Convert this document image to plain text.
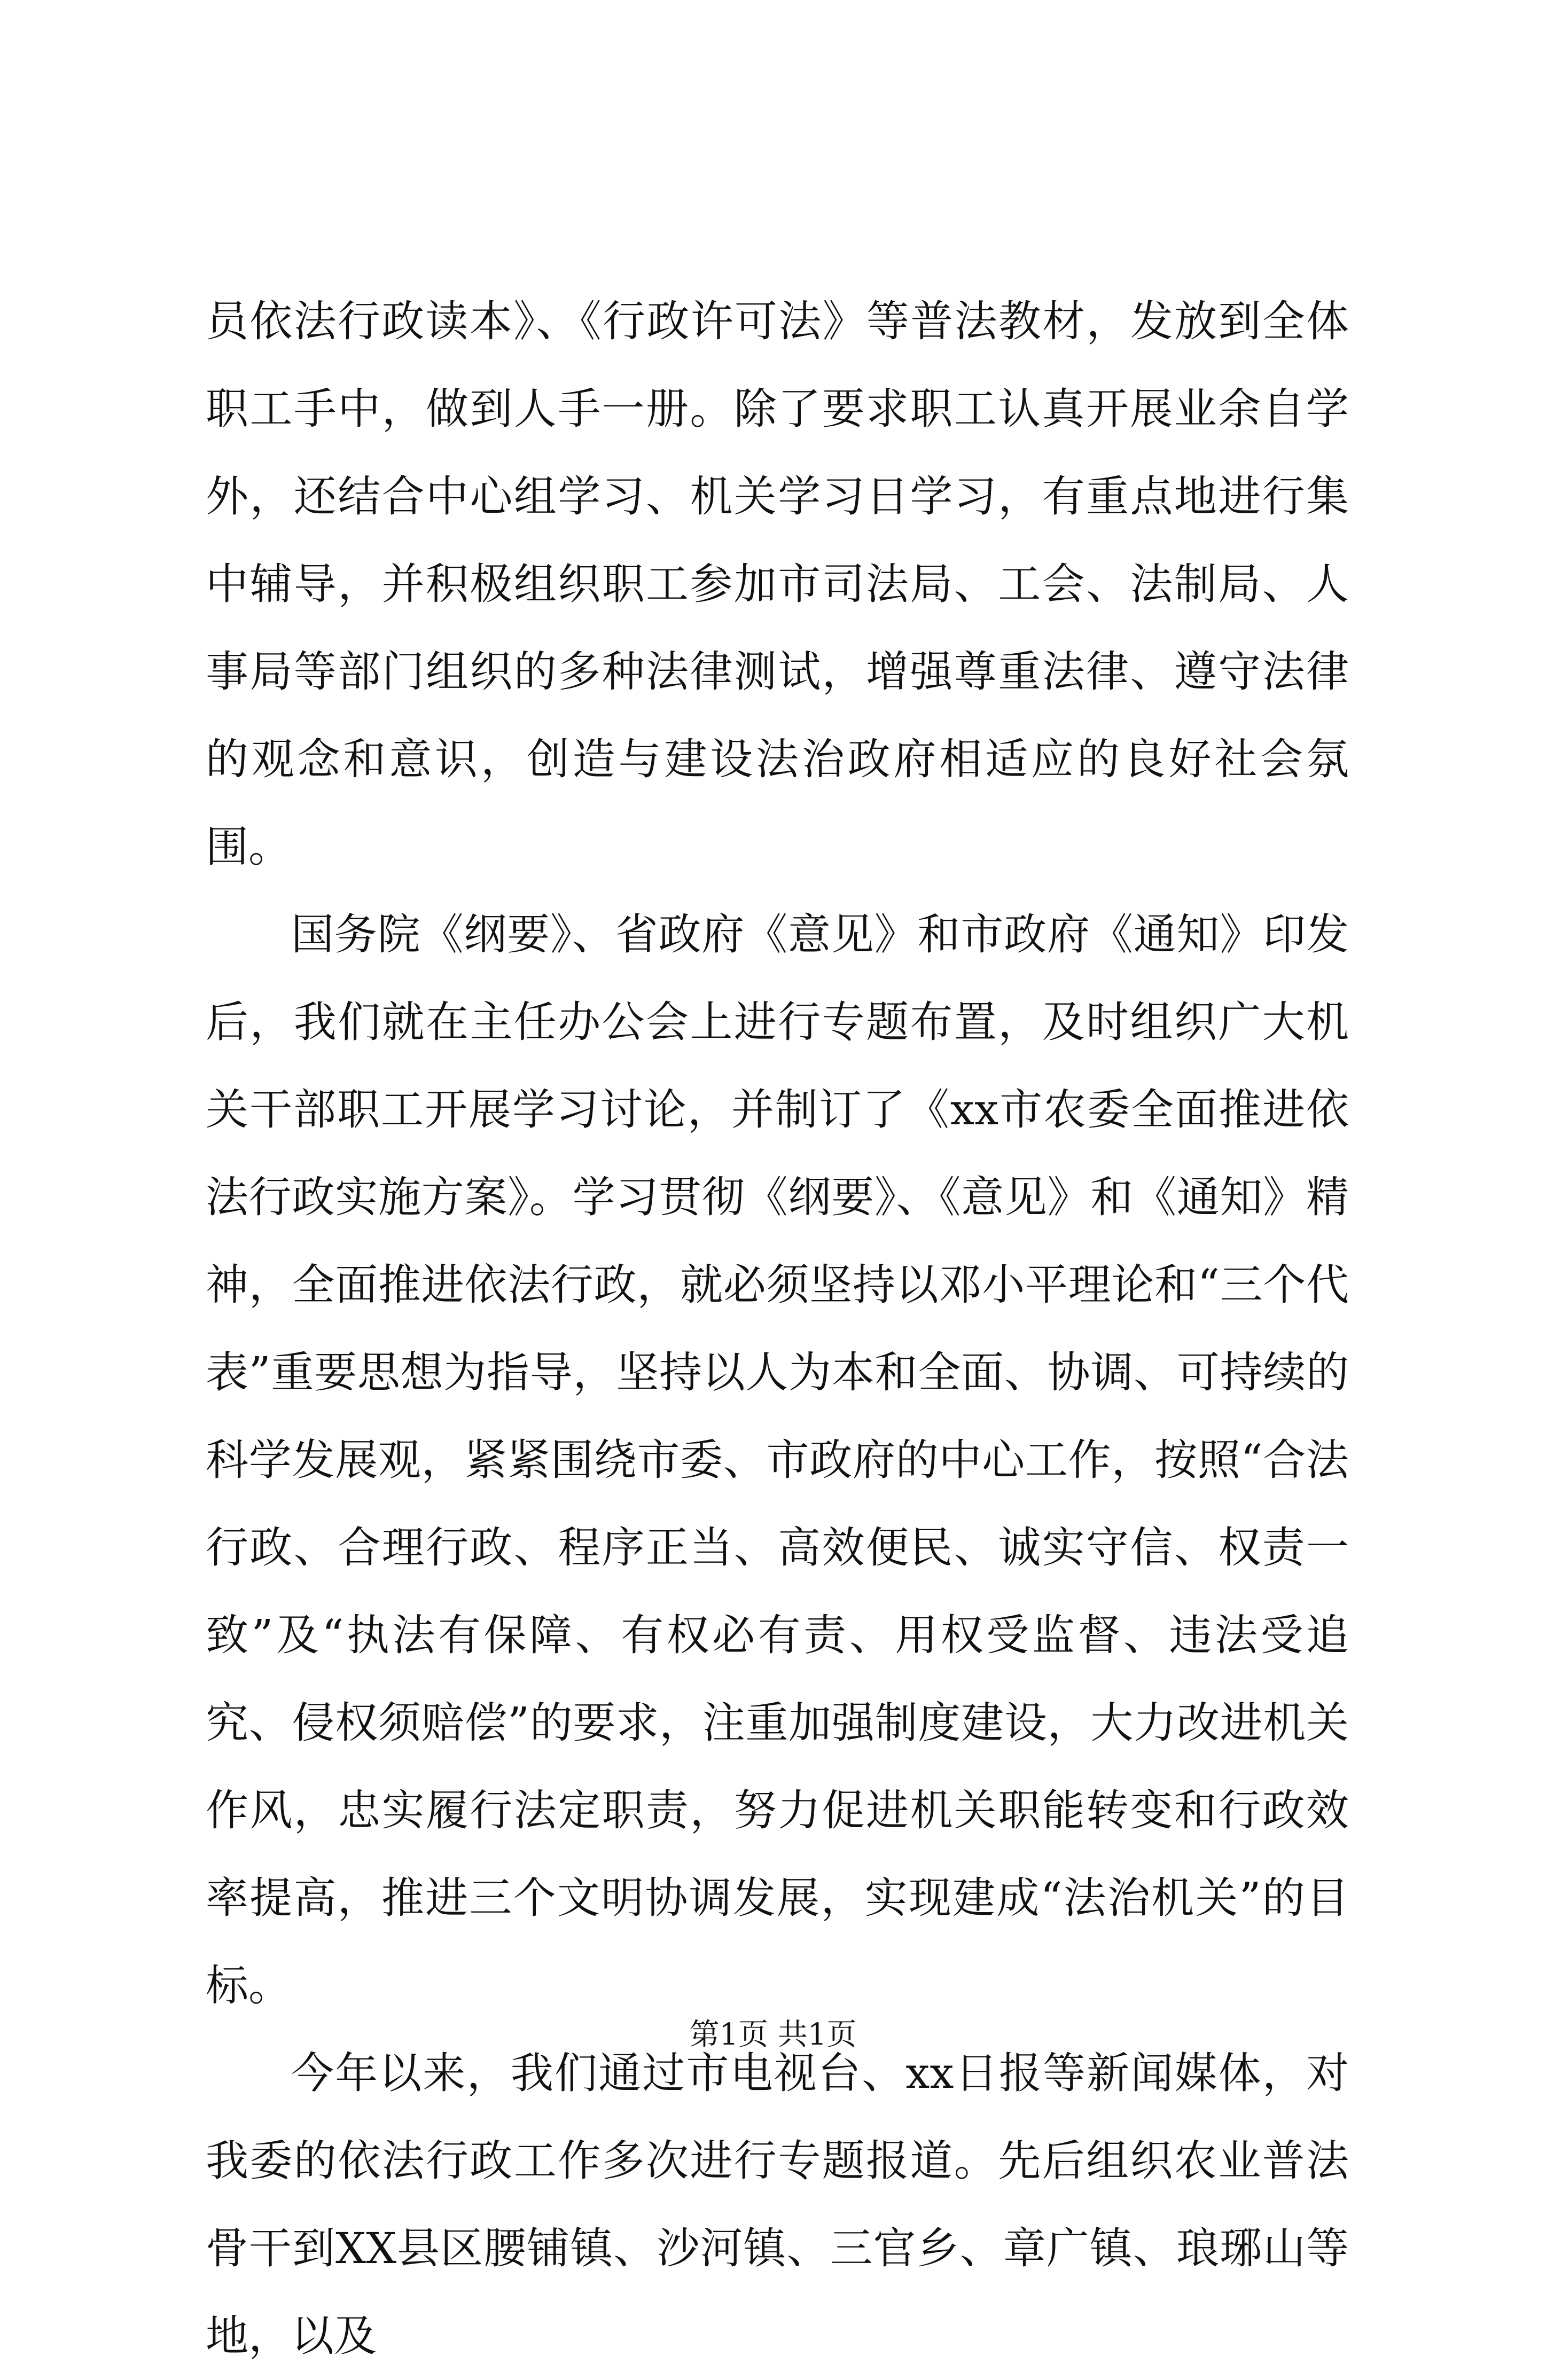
员依法行政读本》、《行政许可法》等普法教材，发放到全体职工手中，做到人手一册。除了要求职工认真开展业余自学外，还结合中心组学习、机关学习日学习，有重点地进行集中辅导，并积极组织职工参加市司法局、工会、法制局、人事局等部门组织的多种法律测试，增强尊重法律、遵守法律的观念和意识，创造与建设法治政府相适应的良好社会氛围。

国务院《纲要》、省政府《意见》和市政府《通知》印发后，我们就在主任办公会上进行专题布置，及时组织广大机关干部职工开展学习讨论，并制订了《xx市农委全面推进依法行政实施方案》。学习贯彻《纲要》、《意见》和《通知》精神，全面推进依法行政，就必须坚持以邓小平理论和“三个代表”重要思想为指导，坚持以人为本和全面、协调、可持续的科学发展观，紧紧围绕市委、市政府的中心工作，按照“合法行政、合理行政、程序正当、高效便民、诚实守信、权责一致”及“执法有保障、有权必有责、用权受监督、违法受追究、侵权须赔偿”的要求，注重加强制度建设，大力改进机关作风，忠实履行法定职责，努力促进机关职能转变和行政效率提高，推进三个文明协调发展，实现建成“法治机关”的目标。

今年以来，我们通过市电视台、xx日报等新闻媒体，对我委的依法行政工作多次进行专题报道。先后组织农业普法骨干到XX县区腰铺镇、沙河镇、三官乡、章广镇、琅琊山等地，以及

第1页 共1页
